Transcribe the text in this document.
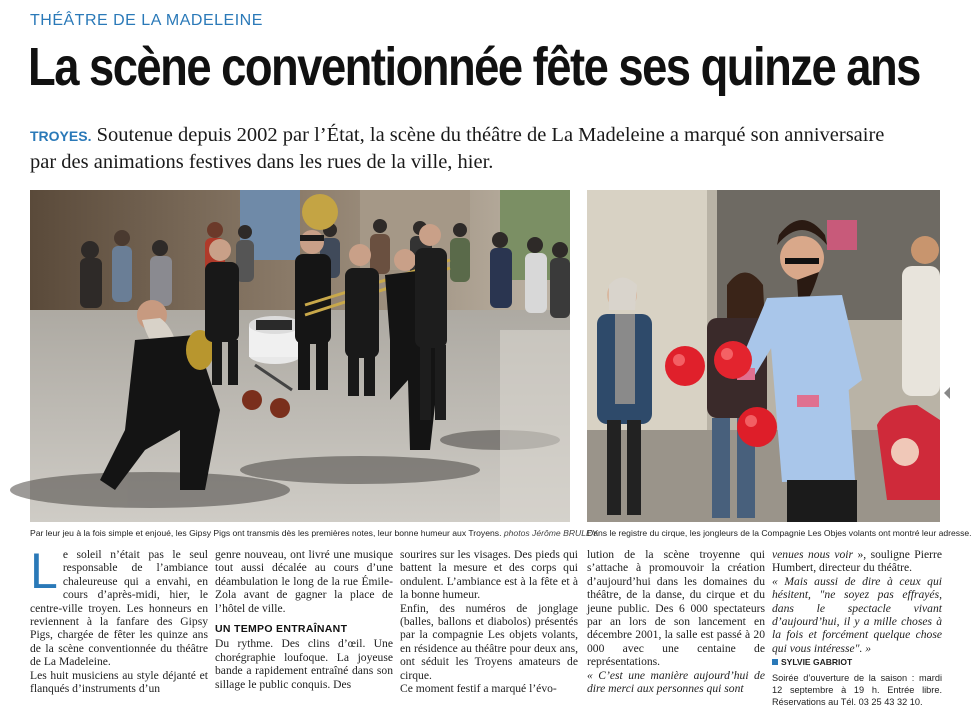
THÉÂTRE DE LA MADELEINE
La scène conventionnée fête ses quinze ans
TROYES. Soutenue depuis 2002 par l’État, la scène du théâtre de La Madeleine a marqué son anniversaire par des animations festives dans les rues de la ville, hier.
Par leur jeu à la fois simple et enjoué, les Gipsy Pigs ont transmis dès les premières notes, leur bonne humeur aux Troyens. photos Jérôme BRULEY
Dans le registre du cirque, les jongleurs de la Compagnie Les Objes volants ont montré leur adresse.
L e soleil n’était pas le seul responsable de l’ambiance chaleureuse qui a envahi, en cours d’après-midi, hier, le centre-ville troyen. Les honneurs en reviennent à la fanfare des Gipsy Pigs, chargée de fêter les quinze ans de la scène conventionnée du théâtre de La Madeleine.

Les huit musiciens au style déjanté et flanqués d’instruments d’un

genre nouveau, ont livré une musique tout aussi décalée au cours d’une déambulation le long de la rue Émile-Zola avant de gagner la place de l’hôtel de ville.

UN TEMPO ENTRAÎNANT

Du rythme. Des clins d’œil. Une chorégraphie loufoque. La joyeuse bande a rapidement entraîné dans son sillage le public conquis. Des

sourires sur les visages. Des pieds qui battent la mesure et des corps qui ondulent. L’ambiance est à la fête et à la bonne humeur.

Enfin, des numéros de jonglage (balles, ballons et diabolos) présentés par la compagnie Les objets volants, en résidence au théâtre pour deux ans, ont séduit les Troyens amateurs de cirque.

Ce moment festif a marqué l’évo-

lution de la scène troyenne qui s’attache à promouvoir la création d’aujourd’hui dans les domaines du théâtre, de la danse, du cirque et du jeune public. Des 6 000 spectateurs par an lors de son lancement en décembre 2001, la salle est passé à 20 000 avec une centaine de représentations.

« C’est une manière aujourd’hui de dire merci aux personnes qui sont

venues nous voir », souligne Pierre Humbert, directeur du théâtre.

« Mais aussi de dire à ceux qui hésitent, "ne soyez pas effrayés, dans le spectacle vivant d’aujourd’hui, il y a mille choses à la fois et forcément quelque chose qui vous intéresse". »

SYLVIE GABRIOT

Soirée d’ouverture de la saison : mardi 12 septembre à 19 h. Entrée libre. Réservations au Tél. 03 25 43 32 10.
